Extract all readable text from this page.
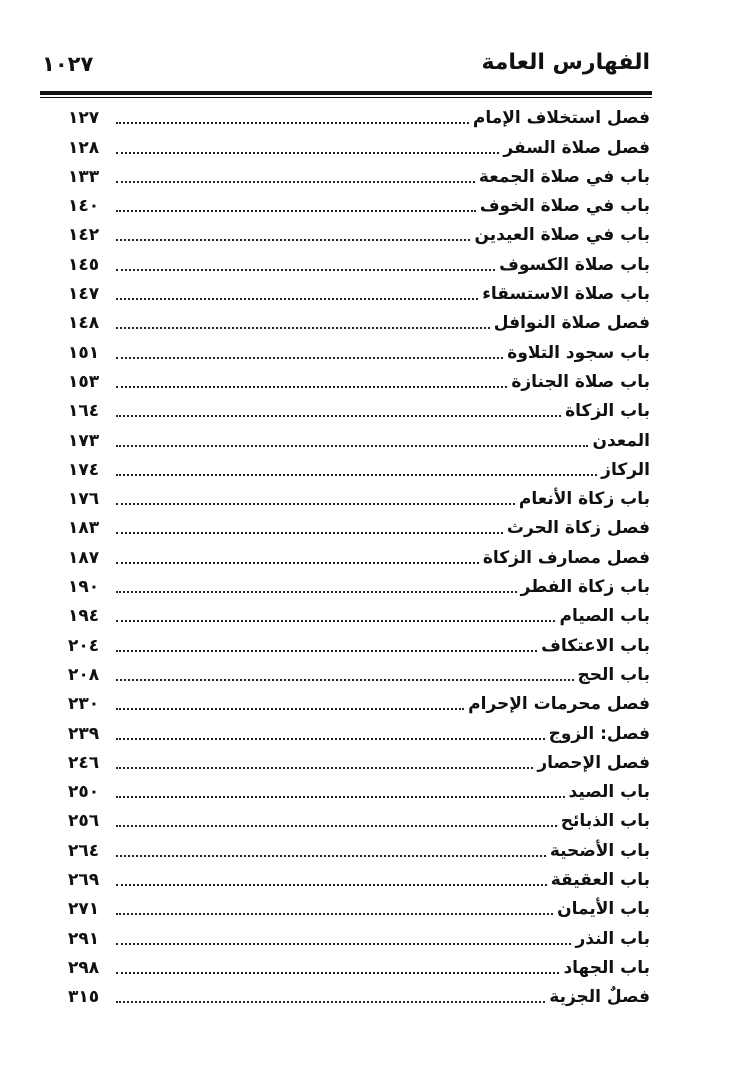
الفهارس العامة
١٠٢٧
فصل استخلاف الإمام
١٢٧
فصل صلاة السفر
١٢٨
باب في صلاة الجمعة
١٣٣
باب في صلاة الخوف
١٤٠
باب في صلاة العيدين
١٤٢
باب صلاة الكسوف
١٤٥
باب صلاة الاستسقاء
١٤٧
فصل صلاة النوافل
١٤٨
باب سجود التلاوة
١٥١
باب صلاة الجنازة
١٥٣
باب الزكاة
١٦٤
المعدن
١٧٣
الركاز
١٧٤
باب زكاة الأنعام
١٧٦
فصل زكاة الحرث
١٨٣
فصل مصارف الزكاة
١٨٧
باب زكاة الفطر
١٩٠
باب الصيام
١٩٤
باب الاعتكاف
٢٠٤
باب الحج
٢٠٨
فصل محرمات الإحرام
٢٣٠
فصل: الزوج
٢٣٩
فصل الإحصار
٢٤٦
باب الصيد
٢٥٠
باب الذبائح
٢٥٦
باب الأضحية
٢٦٤
باب العقيقة
٢٦٩
باب الأيمان
٢٧١
باب النذر
٢٩١
باب الجهاد
٢٩٨
فصلٌ الجزية
٣١٥
